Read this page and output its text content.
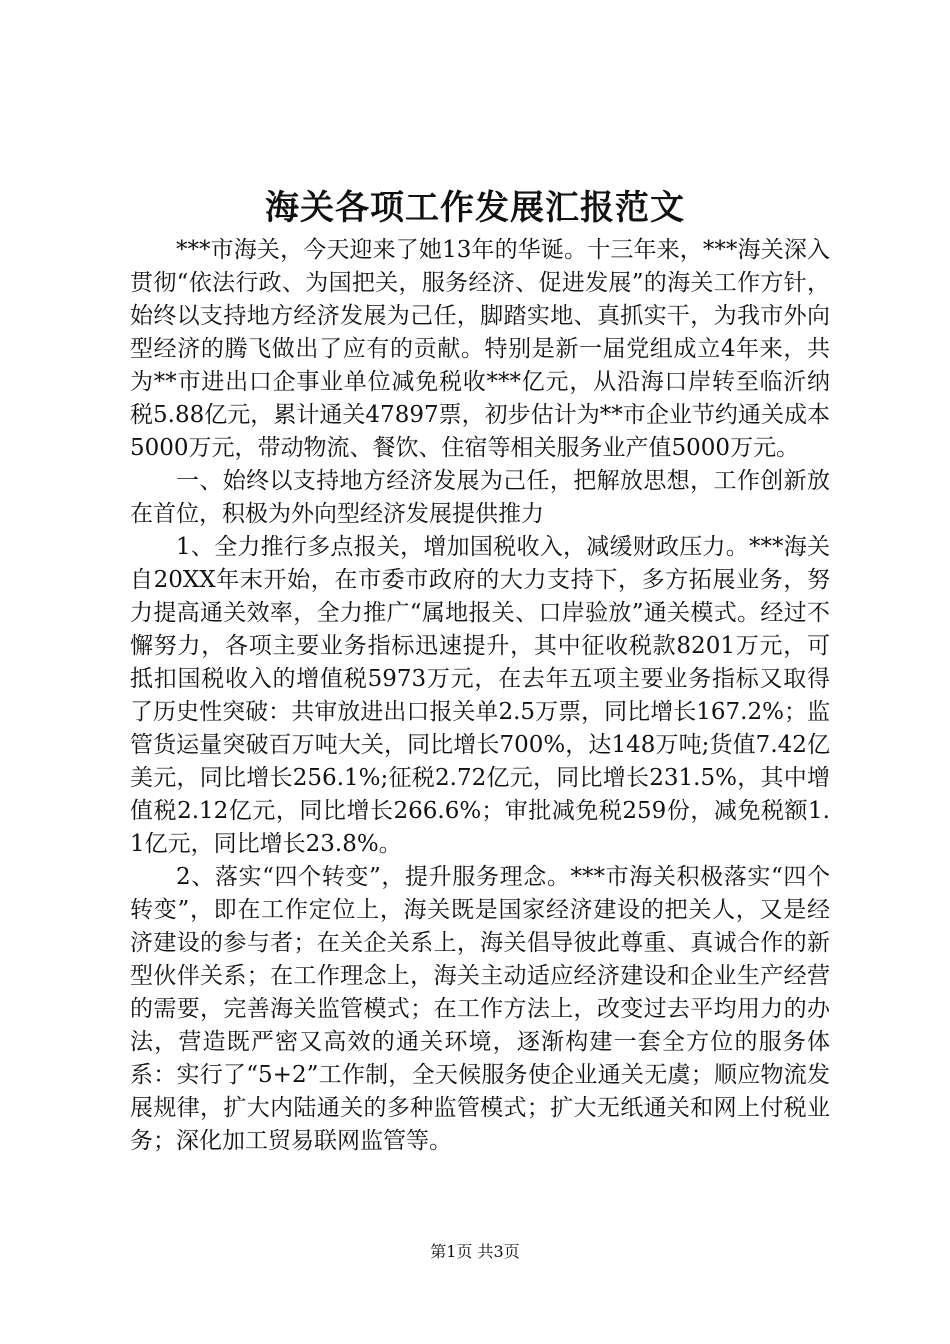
海关各项工作发展汇报范文

***市海关，今天迎来了她13年的华诞。十三年来，***海关深入贯彻“依法行政、为国把关，服务经济、促进发展”的海关工作方针，始终以支持地方经济发展为己任，脚踏实地、真抓实干，为我市外向型经济的腾飞做出了应有的贡献。特别是新一届党组成立4年来，共为**市进出口企事业单位减免税收***亿元，从沿海口岸转至临沂纳税5.88亿元，累计通关47897票，初步估计为**市企业节约通关成本5000万元，带动物流、餐饮、住宿等相关服务业产值5000万元。

一、始终以支持地方经济发展为己任，把解放思想，工作创新放在首位，积极为外向型经济发展提供推力

1、全力推行多点报关，增加国税收入，减缓财政压力。***海关自20XX年末开始，在市委市政府的大力支持下，多方拓展业务，努力提高通关效率，全力推广“属地报关、口岸验放”通关模式。经过不懈努力，各项主要业务指标迅速提升，其中征收税款8201万元，可抵扣国税收入的增值税5973万元，在去年五项主要业务指标又取得了历史性突破：共审放进出口报关单2.5万票，同比增长167.2%；监管货运量突破百万吨大关，同比增长700%，达148万吨;货值7.42亿美元，同比增长256.1%;征税2.72亿元，同比增长231.5%，其中增值税2.12亿元，同比增长266.6%；审批减免税259份，减免税额1.1亿元，同比增长23.8%。

2、落实“四个转变”，提升服务理念。***市海关积极落实“四个转变”，即在工作定位上，海关既是国家经济建设的把关人，又是经济建设的参与者；在关企关系上，海关倡导彼此尊重、真诚合作的新型伙伴关系；在工作理念上，海关主动适应经济建设和企业生产经营的需要，完善海关监管模式；在工作方法上，改变过去平均用力的办法，营造既严密又高效的通关环境，逐渐构建一套全方位的服务体系：实行了“5+2”工作制，全天候服务使企业通关无虞；顺应物流发展规律，扩大内陆通关的多种监管模式；扩大无纸通关和网上付税业务；深化加工贸易联网监管等。

第1页 共3页
